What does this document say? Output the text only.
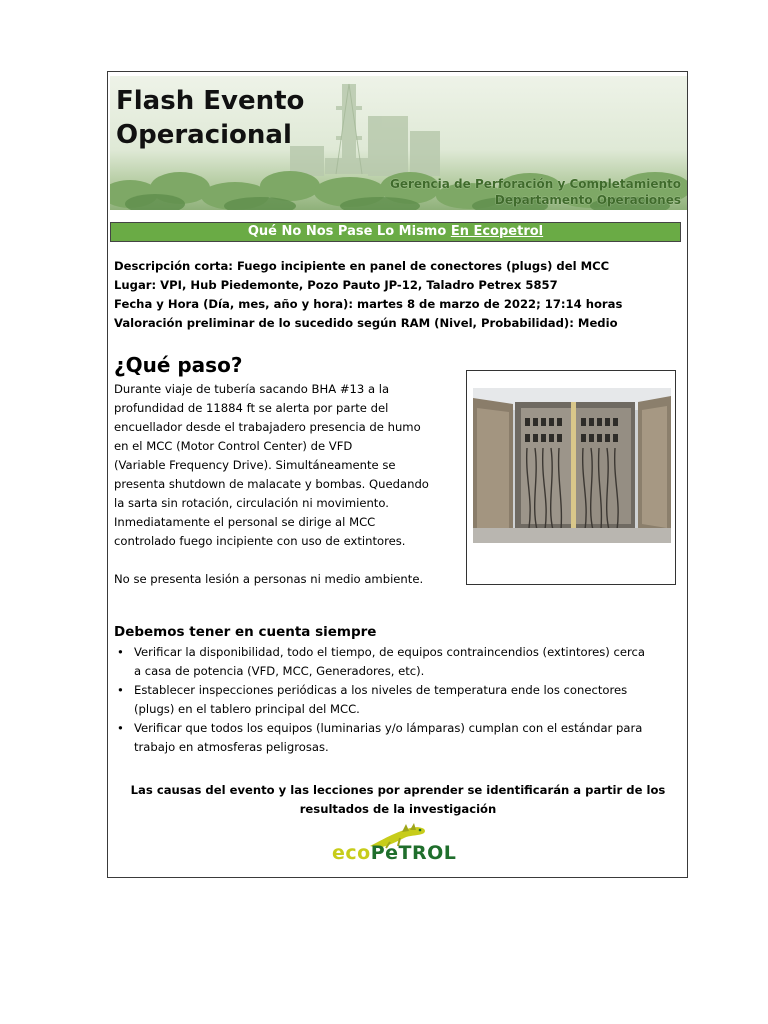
Flash Evento
Operacional
Gerencia de Perforación y Completamiento
Departamento Operaciones
Qué No Nos Pase Lo Mismo En Ecopetrol
Descripción corta: Fuego incipiente en panel de conectores (plugs) del MCC
Lugar: VPI, Hub Piedemonte, Pozo Pauto JP-12, Taladro Petrex 5857
Fecha y Hora (Día, mes, año y hora): martes 8 de marzo de 2022; 17:14 horas
Valoración preliminar de lo sucedido según RAM (Nivel, Probabilidad): Medio
¿Qué paso?

Durante viaje de tubería sacando BHA #13 a la
profundidad de 11884 ft se alerta por parte del
encuellador desde el trabajadero presencia de humo
en el MCC (Motor Control Center) de VFD
(Variable Frequency Drive). Simultáneamente se
presenta shutdown de malacate y bombas. Quedando
la sarta sin rotación, circulación ni movimiento.
Inmediatamente el personal se dirige al MCC
controlado fuego incipiente con uso de extintores.

No se presenta lesión a personas ni medio ambiente.

Debemos tener en cuenta siempre
• Verificar la disponibilidad, todo el tiempo, de equipos contraincendios (extintores) cerca
a casa de potencia (VFD, MCC, Generadores, etc).
• Establecer inspecciones periódicas a los niveles de temperatura ende los conectores
(plugs) en el tablero principal del MCC.
• Verificar que todos los equipos (luminarias y/o lámparas) cumplan con el estándar para
trabajo en atmosferas peligrosas.
Las causas del evento y las lecciones por aprender se identificarán a partir de los
resultados de la investigación
ecoPeTROL
